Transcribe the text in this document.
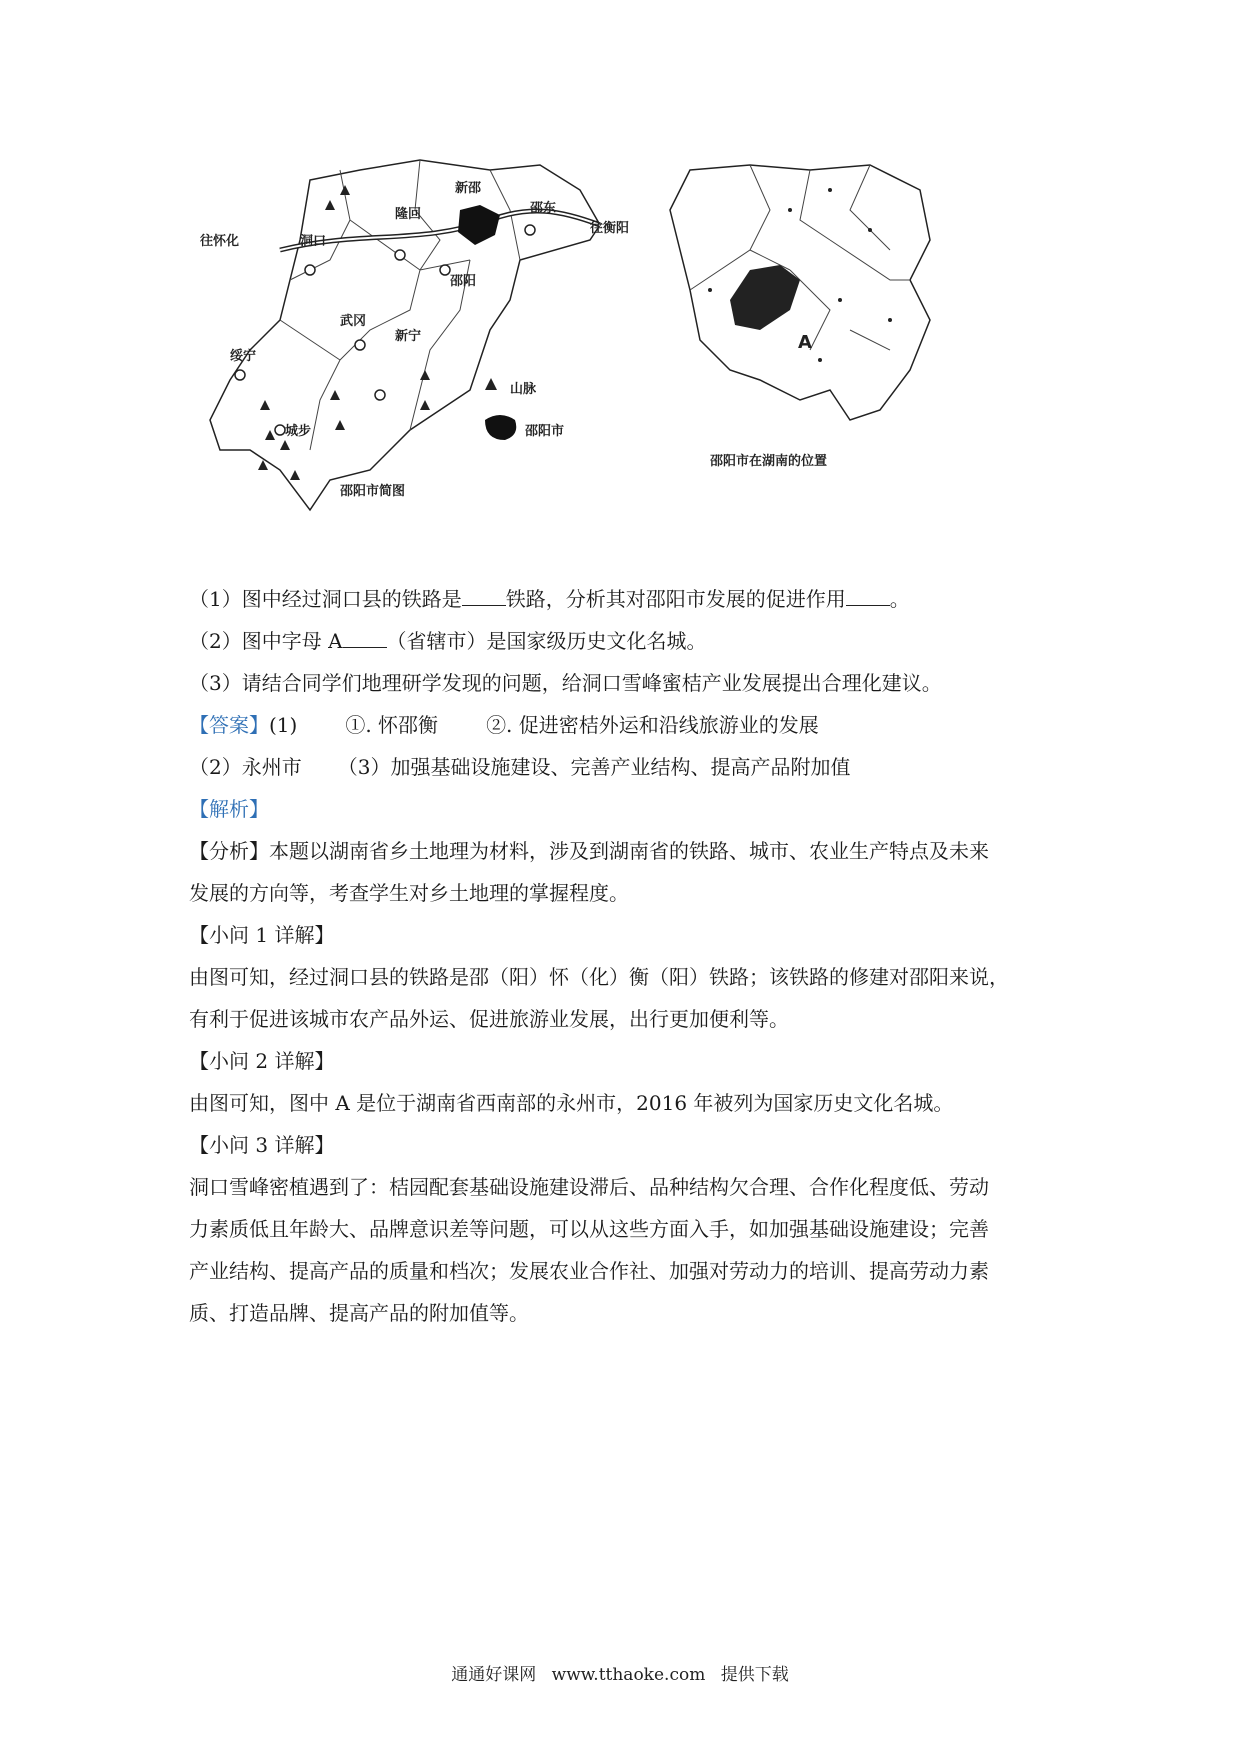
往怀化
往衡阳
新邵
隆回
洞口
邵东
邵阳
武冈
新宁
绥宁
城步
山脉
邵阳市
邵阳市简图
A
邵阳市在湖南的位置

（1）图中经过洞口县的铁路是 铁路，分析其对邵阳市发展的促进作用 。

（2）图中字母 A （省辖市）是国家级历史文化名城。

（3）请结合同学们地理研学发现的问题，给洞口雪峰蜜桔产业发展提出合理化建议。

【答案】(1) ①. 怀邵衡 ②. 促进密桔外运和沿线旅游业的发展

（2）永州市 （3）加强基础设施建设、完善产业结构、提高产品附加值

【解析】

【分析】本题以湖南省乡土地理为材料，涉及到湖南省的铁路、城市、农业生产特点及未来

发展的方向等，考查学生对乡土地理的掌握程度。

【小问 1 详解】

由图可知，经过洞口县的铁路是邵（阳）怀（化）衡（阳）铁路；该铁路的修建对邵阳来说，

有利于促进该城市农产品外运、促进旅游业发展，出行更加便利等。

【小问 2 详解】

由图可知，图中 A 是位于湖南省西南部的永州市，2016 年被列为国家历史文化名城。

【小问 3 详解】

洞口雪峰密植遇到了：桔园配套基础设施建设滞后、品种结构欠合理、合作化程度低、劳动

力素质低且年龄大、品牌意识差等问题，可以从这些方面入手，如加强基础设施建设；完善

产业结构、提高产品的质量和档次；发展农业合作社、加强对劳动力的培训、提高劳动力素

质、打造品牌、提高产品的附加值等。

通通好课网 www.tthaoke.com 提供下载
